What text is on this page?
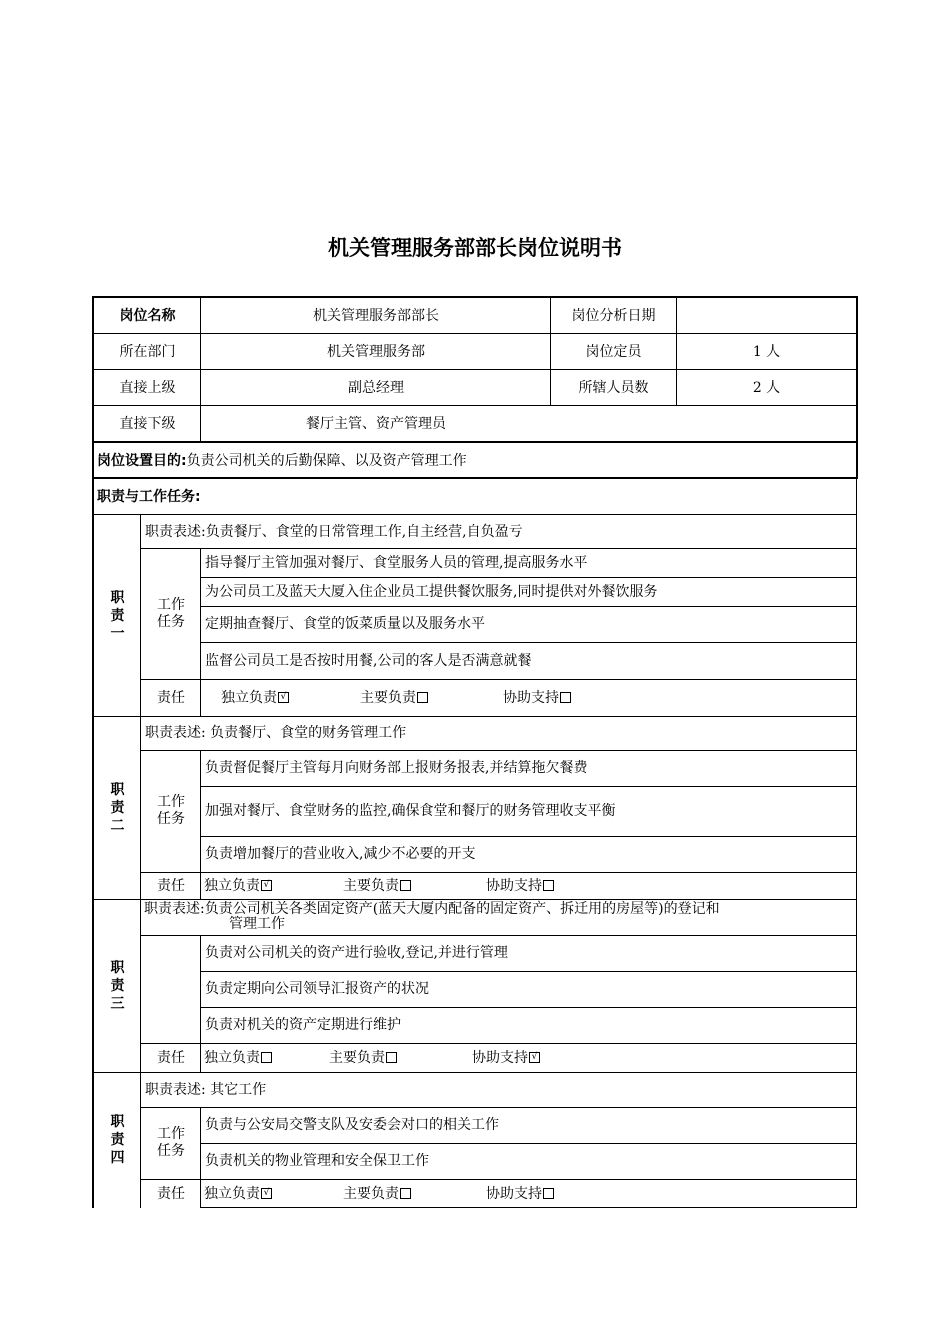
机关管理服务部部长岗位说明书
岗位名称	机关管理服务部部长	岗位分析日期
所在部门	机关管理服务部	岗位定员	1 人
直接上级	副总经理	所辖人员数	2 人
直接下级	餐厅主管、资产管理员
岗位设置目的: 负责公司机关的后勤保障、以及资产管理工作
职责与工作任务:
职
责
一
职责表述:负责餐厅、食堂的日常管理工作,自主经营,自负盈亏
工作
任务
指导餐厅主管加强对餐厅、食堂服务人员的管理,提高服务水平
为公司员工及蓝天大厦入住企业员工提供餐饮服务,同时提供对外餐饮服务
定期抽查餐厅、食堂的饭菜质量以及服务水平
监督公司员工是否按时用餐,公司的客人是否满意就餐
责任	独立负责 √	主要负责	协助支持
职
责
二
职责表述: 负责餐厅、食堂的财务管理工作
工作
任务
负责督促餐厅主管每月向财务部上报财务报表,并结算拖欠餐费
加强对餐厅、食堂财务的监控,确保食堂和餐厅的财务管理收支平衡
负责增加餐厅的营业收入,减少不必要的开支
责任	独立负责 √	主要负责	协助支持
职
责
三
职责表述:负责公司机关各类固定资产(蓝天大厦内配备的固定资产、拆迁用的房屋等)的登记和
管理工作
负责对公司机关的资产进行验收,登记,并进行管理
负责定期向公司领导汇报资产的状况
负责对机关的资产定期进行维护
责任	独立负责	主要负责	协助支持 √
职
责
四
职责表述: 其它工作
工作
任务
负责与公安局交警支队及安委会对口的相关工作
负责机关的物业管理和安全保卫工作
责任	独立负责 √	主要负责	协助支持
